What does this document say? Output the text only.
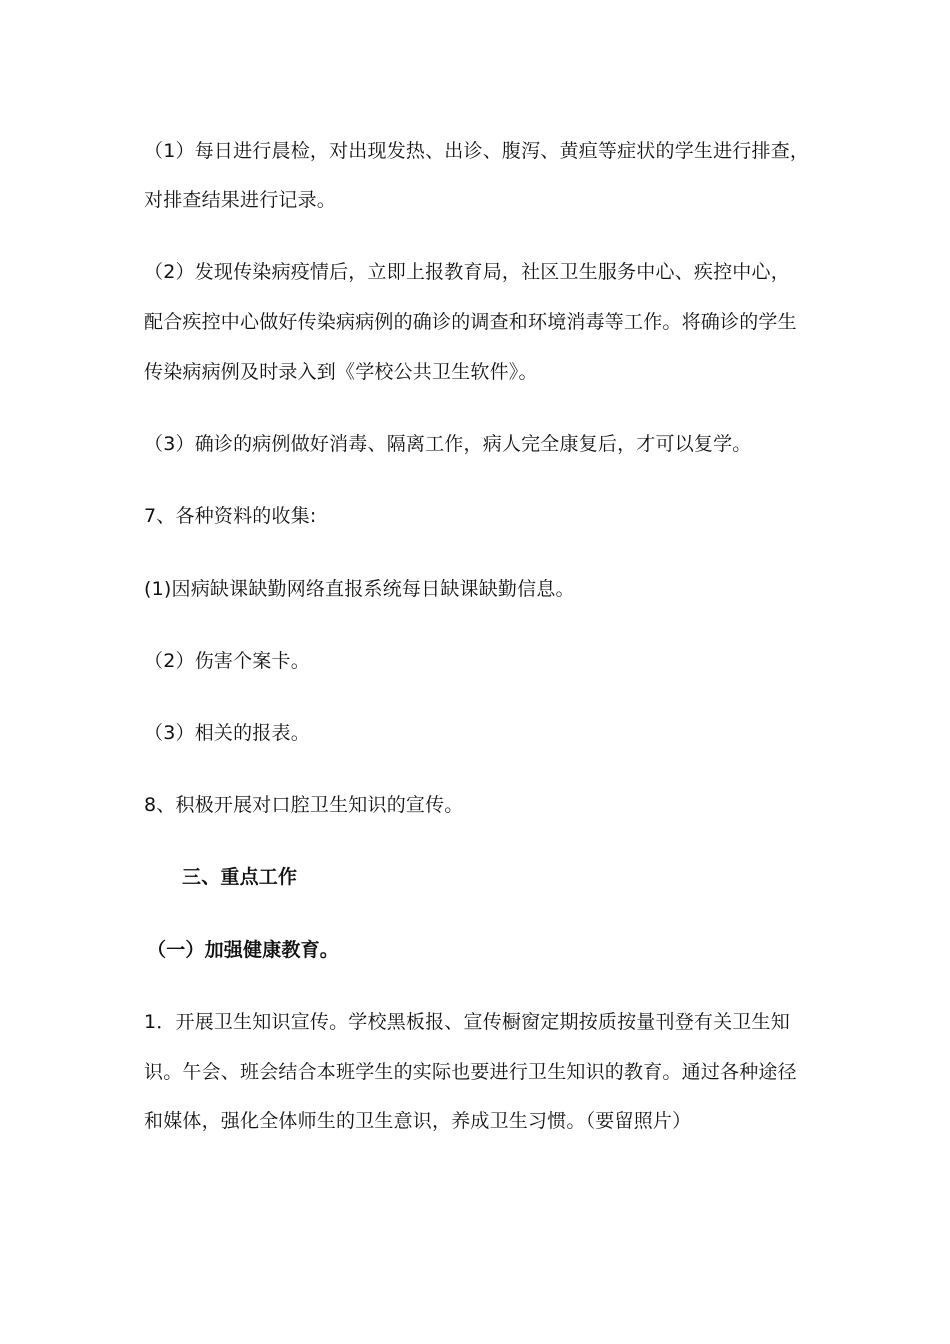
（1）每日进行晨检，对出现发热、出诊、腹泻、黄疸等症状的学生进行排查，
对排查结果进行记录。
（2）发现传染病疫情后，立即上报教育局，社区卫生服务中心、疾控中心，
配合疾控中心做好传染病病例的确诊的调查和环境消毒等工作。将确诊的学生
传染病病例及时录入到《学校公共卫生软件》。
（3）确诊的病例做好消毒、隔离工作，病人完全康复后，才可以复学。
7、各种资料的收集:
(1)因病缺课缺勤网络直报系统每日缺课缺勤信息。
（2）伤害个案卡。
（3）相关的报表。
8、积极开展对口腔卫生知识的宣传。
三、重点工作
（一）加强健康教育。
1．开展卫生知识宣传。学校黑板报、宣传橱窗定期按质按量刊登有关卫生知
识。午会、班会结合本班学生的实际也要进行卫生知识的教育。通过各种途径
和媒体，强化全体师生的卫生意识，养成卫生习惯。（要留照片）
